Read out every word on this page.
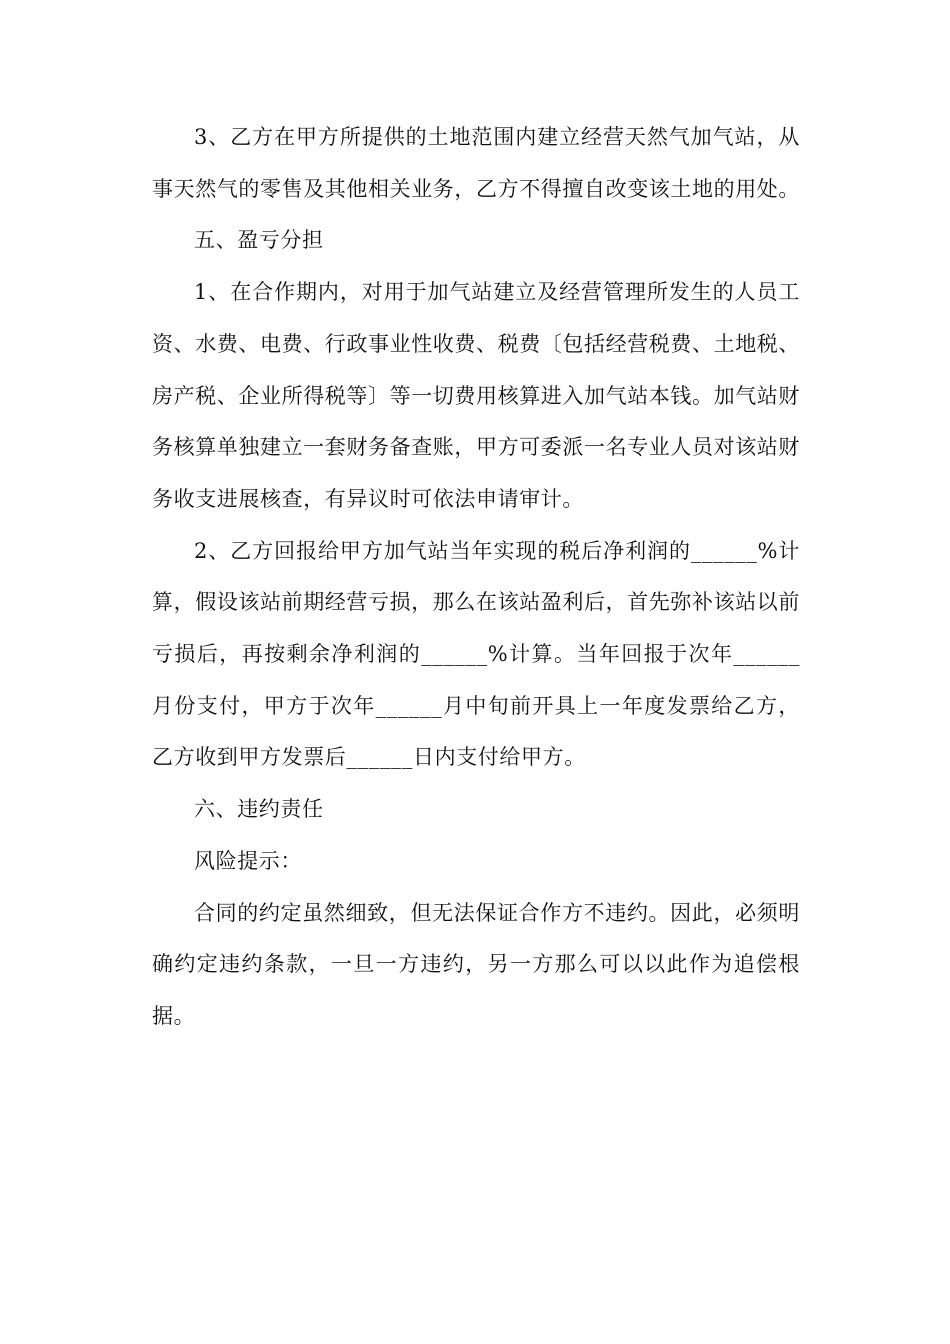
3、乙方在甲方所提供的土地范围内建立经营天然气加气站，从事天然气的零售及其他相关业务，乙方不得擅自改变该土地的用处。

五、盈亏分担

1、在合作期内，对用于加气站建立及经营管理所发生的人员工资、水费、电费、行政事业性收费、税费〔包括经营税费、土地税、房产税、企业所得税等〕等一切费用核算进入加气站本钱。加气站财务核算单独建立一套财务备查账，甲方可委派一名专业人员对该站财务收支进展核查，有异议时可依法申请审计。

2、乙方回报给甲方加气站当年实现的税后净利润的______%计算，假设该站前期经营亏损，那么在该站盈利后，首先弥补该站以前亏损后，再按剩余净利润的______%计算。当年回报于次年______月份支付，甲方于次年______月中旬前开具上一年度发票给乙方，乙方收到甲方发票后______日内支付给甲方。

六、违约责任

风险提示：

合同的约定虽然细致，但无法保证合作方不违约。因此，必须明确约定违约条款，一旦一方违约，另一方那么可以以此作为追偿根据。
